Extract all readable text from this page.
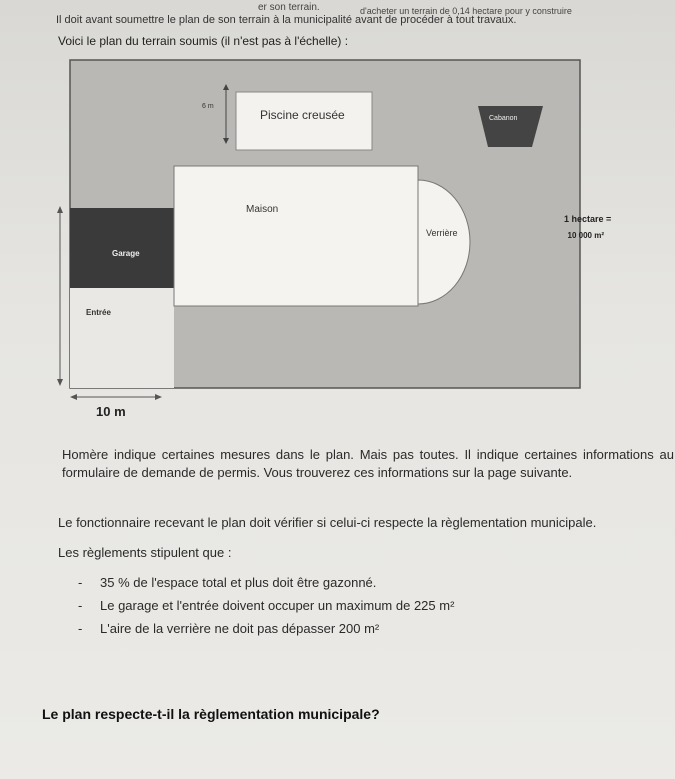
er son terrain.	d'acheter un terrain de 0,14 hectare pour y construire
Il doit avant soumettre le plan de son terrain à la municipalité avant de procéder à tout travaux.
Voici le plan du terrain soumis (il n'est pas à l'échelle) :
Piscine creusée
6 m
Cabanon
Garage
Entrée
Maison
Verrière
1 hectare =
10 000 m²
10 m
Homère indique certaines mesures dans le plan. Mais pas toutes. Il indique certaines informations au formulaire de demande de permis. Vous trouverez ces informations sur la page suivante.
Le fonctionnaire recevant le plan doit vérifier si celui-ci respecte la règlementation municipale.
Les règlements stipulent que :
- 35 % de l'espace total et plus doit être gazonné.
- Le garage et l'entrée doivent occuper un maximum de 225 m²
- L'aire de la verrière ne doit pas dépasser 200 m²
Le plan respecte-t-il la règlementation municipale?
